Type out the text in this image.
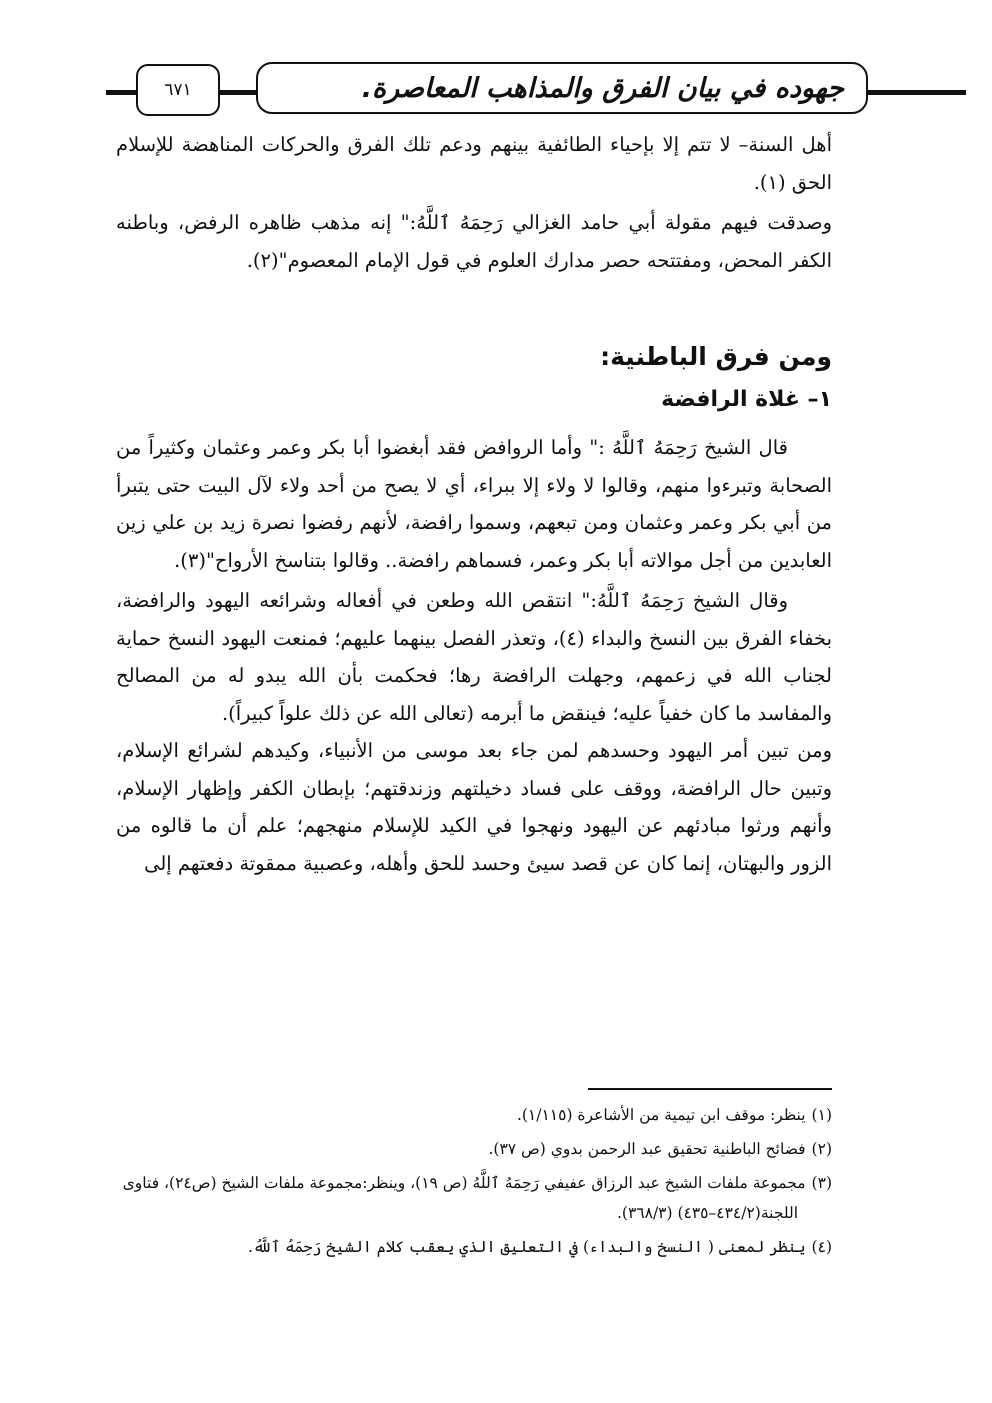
جهوده في بيان الفرق والمذاهب المعاصرة.
٦٧١

أهل السنة– لا تتم إلا بإحياء الطائفية بينهم ودعم تلك الفرق والحركات المناهضة للإسلام الحق (١).

وصدقت فيهم مقولة أبي حامد الغزالي رَحِمَهُ ٱللَّهُ:" إنه مذهب ظاهره الرفض، وباطنه الكفر المحض، ومفتتحه حصر مدارك العلوم في قول الإمام المعصوم"(٢).

ومن فرق الباطنية:

١– غلاة الرافضة

قال الشيخ رَحِمَهُ ٱللَّهُ :" وأما الروافض فقد أبغضوا أبا بكر وعمر وعثمان وكثيراً من الصحابة وتبرءوا منهم، وقالوا لا ولاء إلا ببراء، أي لا يصح من أحد ولاء لآل البيت حتى يتبرأ من أبي بكر وعمر وعثمان ومن تبعهم، وسموا رافضة، لأنهم رفضوا نصرة زيد بن علي زين العابدين من أجل موالاته أبا بكر وعمر، فسماهم رافضة.. وقالوا بتناسخ الأرواح"(٣).

وقال الشيخ رَحِمَهُ ٱللَّهُ:" انتقص الله وطعن في أفعاله وشرائعه اليهود والرافضة، بخفاء الفرق بين النسخ والبداء (٤)، وتعذر الفصل بينهما عليهم؛ فمنعت اليهود النسخ حماية لجناب الله في زعمهم، وجهلت الرافضة رها؛ فحكمت بأن الله يبدو له من المصالح والمفاسد ما كان خفياً عليه؛ فينقض ما أبرمه (تعالى الله عن ذلك علواً كبيراً).

ومن تبين أمر اليهود وحسدهم لمن جاء بعد موسى من الأنبياء، وكيدهم لشرائع الإسلام، وتبين حال الرافضة، ووقف على فساد دخيلتهم وزندقتهم؛ بإبطان الكفر وإظهار الإسلام، وأنهم ورثوا مبادئهم عن اليهود ونهجوا في الكيد للإسلام منهجهم؛ علم أن ما قالوه من الزور والبهتان، إنما كان عن قصد سيئ وحسد للحق وأهله، وعصبية ممقوتة دفعتهم إلى

(١)ينظر: موقف ابن تيمية من الأشاعرة (١/١١٥).

(٢)فضائح الباطنية تحقيق عبد الرحمن بدوي (ص ٣٧).

(٣)مجموعة ملفات الشيخ عبد الرزاق عفيفي رَحِمَهُ ٱللَّهُ (ص ١٩)، وينظر:مجموعة ملفات الشيخ (ص٢٤)، فتاوى

اللجنة(٤٣٤/٢–٤٣٥) (٣٦٨/٣).

(٤)ينظر لمعنى ( النسخ والبداء) في التعليق الذي يعقب كلام الشيخ رَحِمَهُ ٱللَّهُ.
